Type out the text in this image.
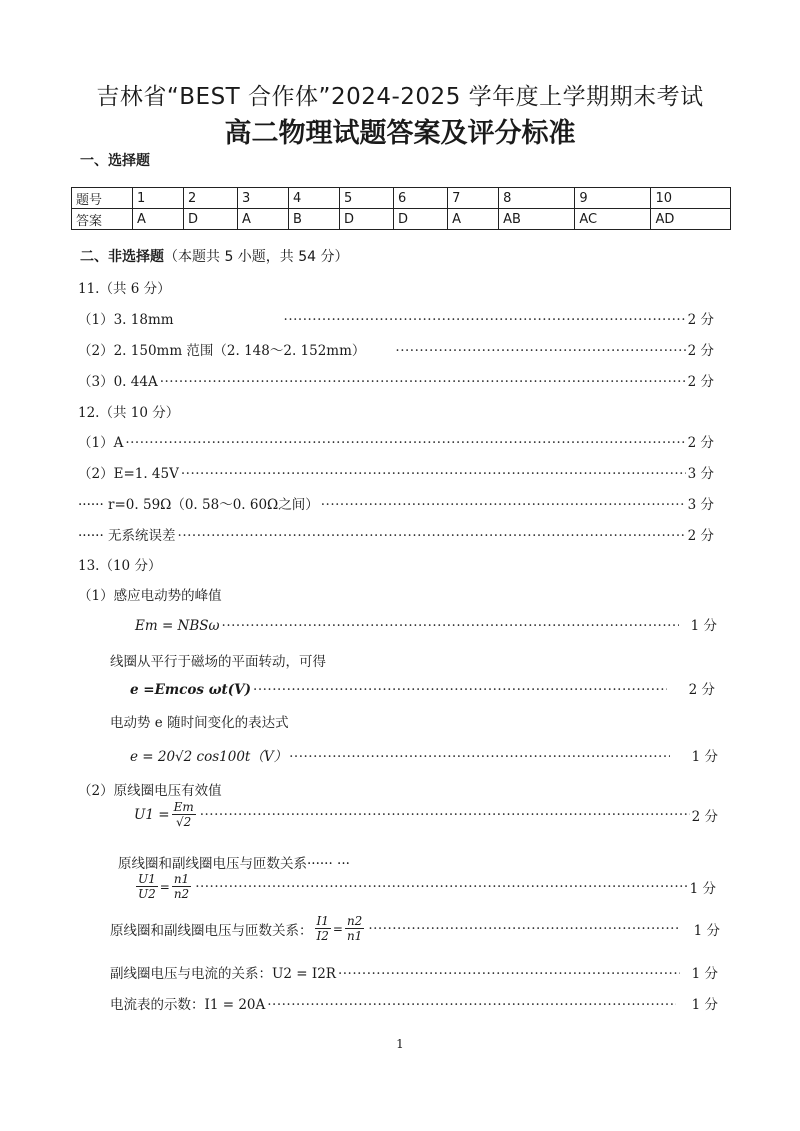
吉林省“BEST 合作体”2024-2025 学年度上学期期末考试
高二物理试题答案及评分标准
一、选择题
题号	1	2	3	4	5	6	7	8	9	10
答案	A	D	A	B	D	D	A	AB	AC	AD
二、非选择题（本题共 5 小题，共 54 分）
11.（共 6 分）
（1）3. 18mm ·····	2 分
（2）2. 150mm 范围（2. 148～2. 152mm） ·····	2 分
（3）0. 44A ·····	2 分
12.（共 10 分）
（1）A ·····	2 分
（2）E=1. 45V ·····	3 分
······ r=0. 59Ω（0. 58～0. 60Ω之间） ·····	3 分
······ 无系统误差 ·····	2 分
13.（10 分）
（1）感应电动势的峰值
Em = NBSω ·····	1 分
线圈从平行于磁场的平面转动，可得
e =Emcos ωt(V) ·····	2 分
电动势 e 随时间变化的表达式
e = 20√2 cos100t（V） ·····	1 分
（2）原线圈电压有效值
$U1 = \frac{Em}{√2}$ ·····	2 分
原线圈和副线圈电压与匝数关系······ ···
$\frac{U1}{U2} = \frac{n1}{n2}$ ·····	1 分
原线圈和副线圈电压与匝数关系： $\frac{I1}{I2} = \frac{n2}{n1}$ ·····	1 分
副线圈电压与电流的关系：U2 = I2R ·····	1 分
电流表的示数：I1 = 20A ·····	1 分
1
